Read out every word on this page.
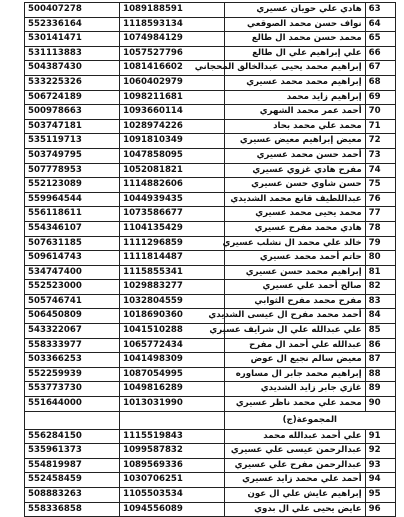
500407278	1089188591	هادي علي حويان عسيري	63
552336164	1118593134	نواف حسن محمد الصوقعي	64
530141471	1074984129	محمد حسن محمد ال طالع	65
531113883	1057527796	علي إبراهيم علي ال طالع	66
504387430	1081416602	إبراهيم محمد يحيى عبدالخالق المحجاني	67
533225326	1060402979	إبراهيم محمد محمد عسيري	68
506724189	1098211681	إبراهيم زايد محمد	69
500978663	1093660114	أحمد عمر محمد الشهري	70
503747181	1028974226	محمد علي محمد بحاد	71
535119713	1091810349	معيض إبراهيم معيض عسيري	72
503749795	1047858095	أحمد حسن محمد عسيري	73
507778953	1052081821	مفرح هادي غزوي عسيري	74
552123089	1114882606	حسن شاوي حسن عسيري	75
559964544	1044939435	عبداللطيف قانع محمد الشديدي	76
556118611	1073586677	محمد يحيى محمد عسيري	77
554346107	1104135429	هادي محمد مفرح عسيري	78
507631185	1111296859	خالد علي محمد ال نشلب عسيري	79
509614743	1111814487	حاتم أحمد محمد عسيري	80
534747400	1115855341	إبراهيم محمد حسن عسيري	81
552523000	1029883277	صالح أحمد علي عسيري	82
505746741	1032804559	مفرح محمد مفرح الثوابي	83
506450809	1018690360	أحمد محمد مفرح ال عيسى الشديدي	84
543322067	1041510288	علي عبدالله علي ال شرايف عسيري	85
558333977	1065772434	عبدالله علي أحمد ال مفرح	86
503366253	1041498309	معيض سالم نجيع ال عوض	87
552259939	1087054995	إبراهيم محمد جابر ال مساوره	88
553773730	1049816289	غازي جابر زايد الشديدي	89
551644000	1013031990	محمد علي محمد ناظر عسيري	90
		المجموعة(ج)	
556284150	1115519843	علي أحمد عبدالله محمد	91
535961373	1099587832	عبدالرحمن عيسى علي عسيري	92
554819987	1089569336	عبدالرحمن مفرح علي عسيري	93
552458459	1030706251	أحمد علي محمد زايد عسيري	94
508883263	1105503534	إبراهيم عايش علي ال عون	95
558336858	1094556089	عايض يحيى علي ال بدوي	96
